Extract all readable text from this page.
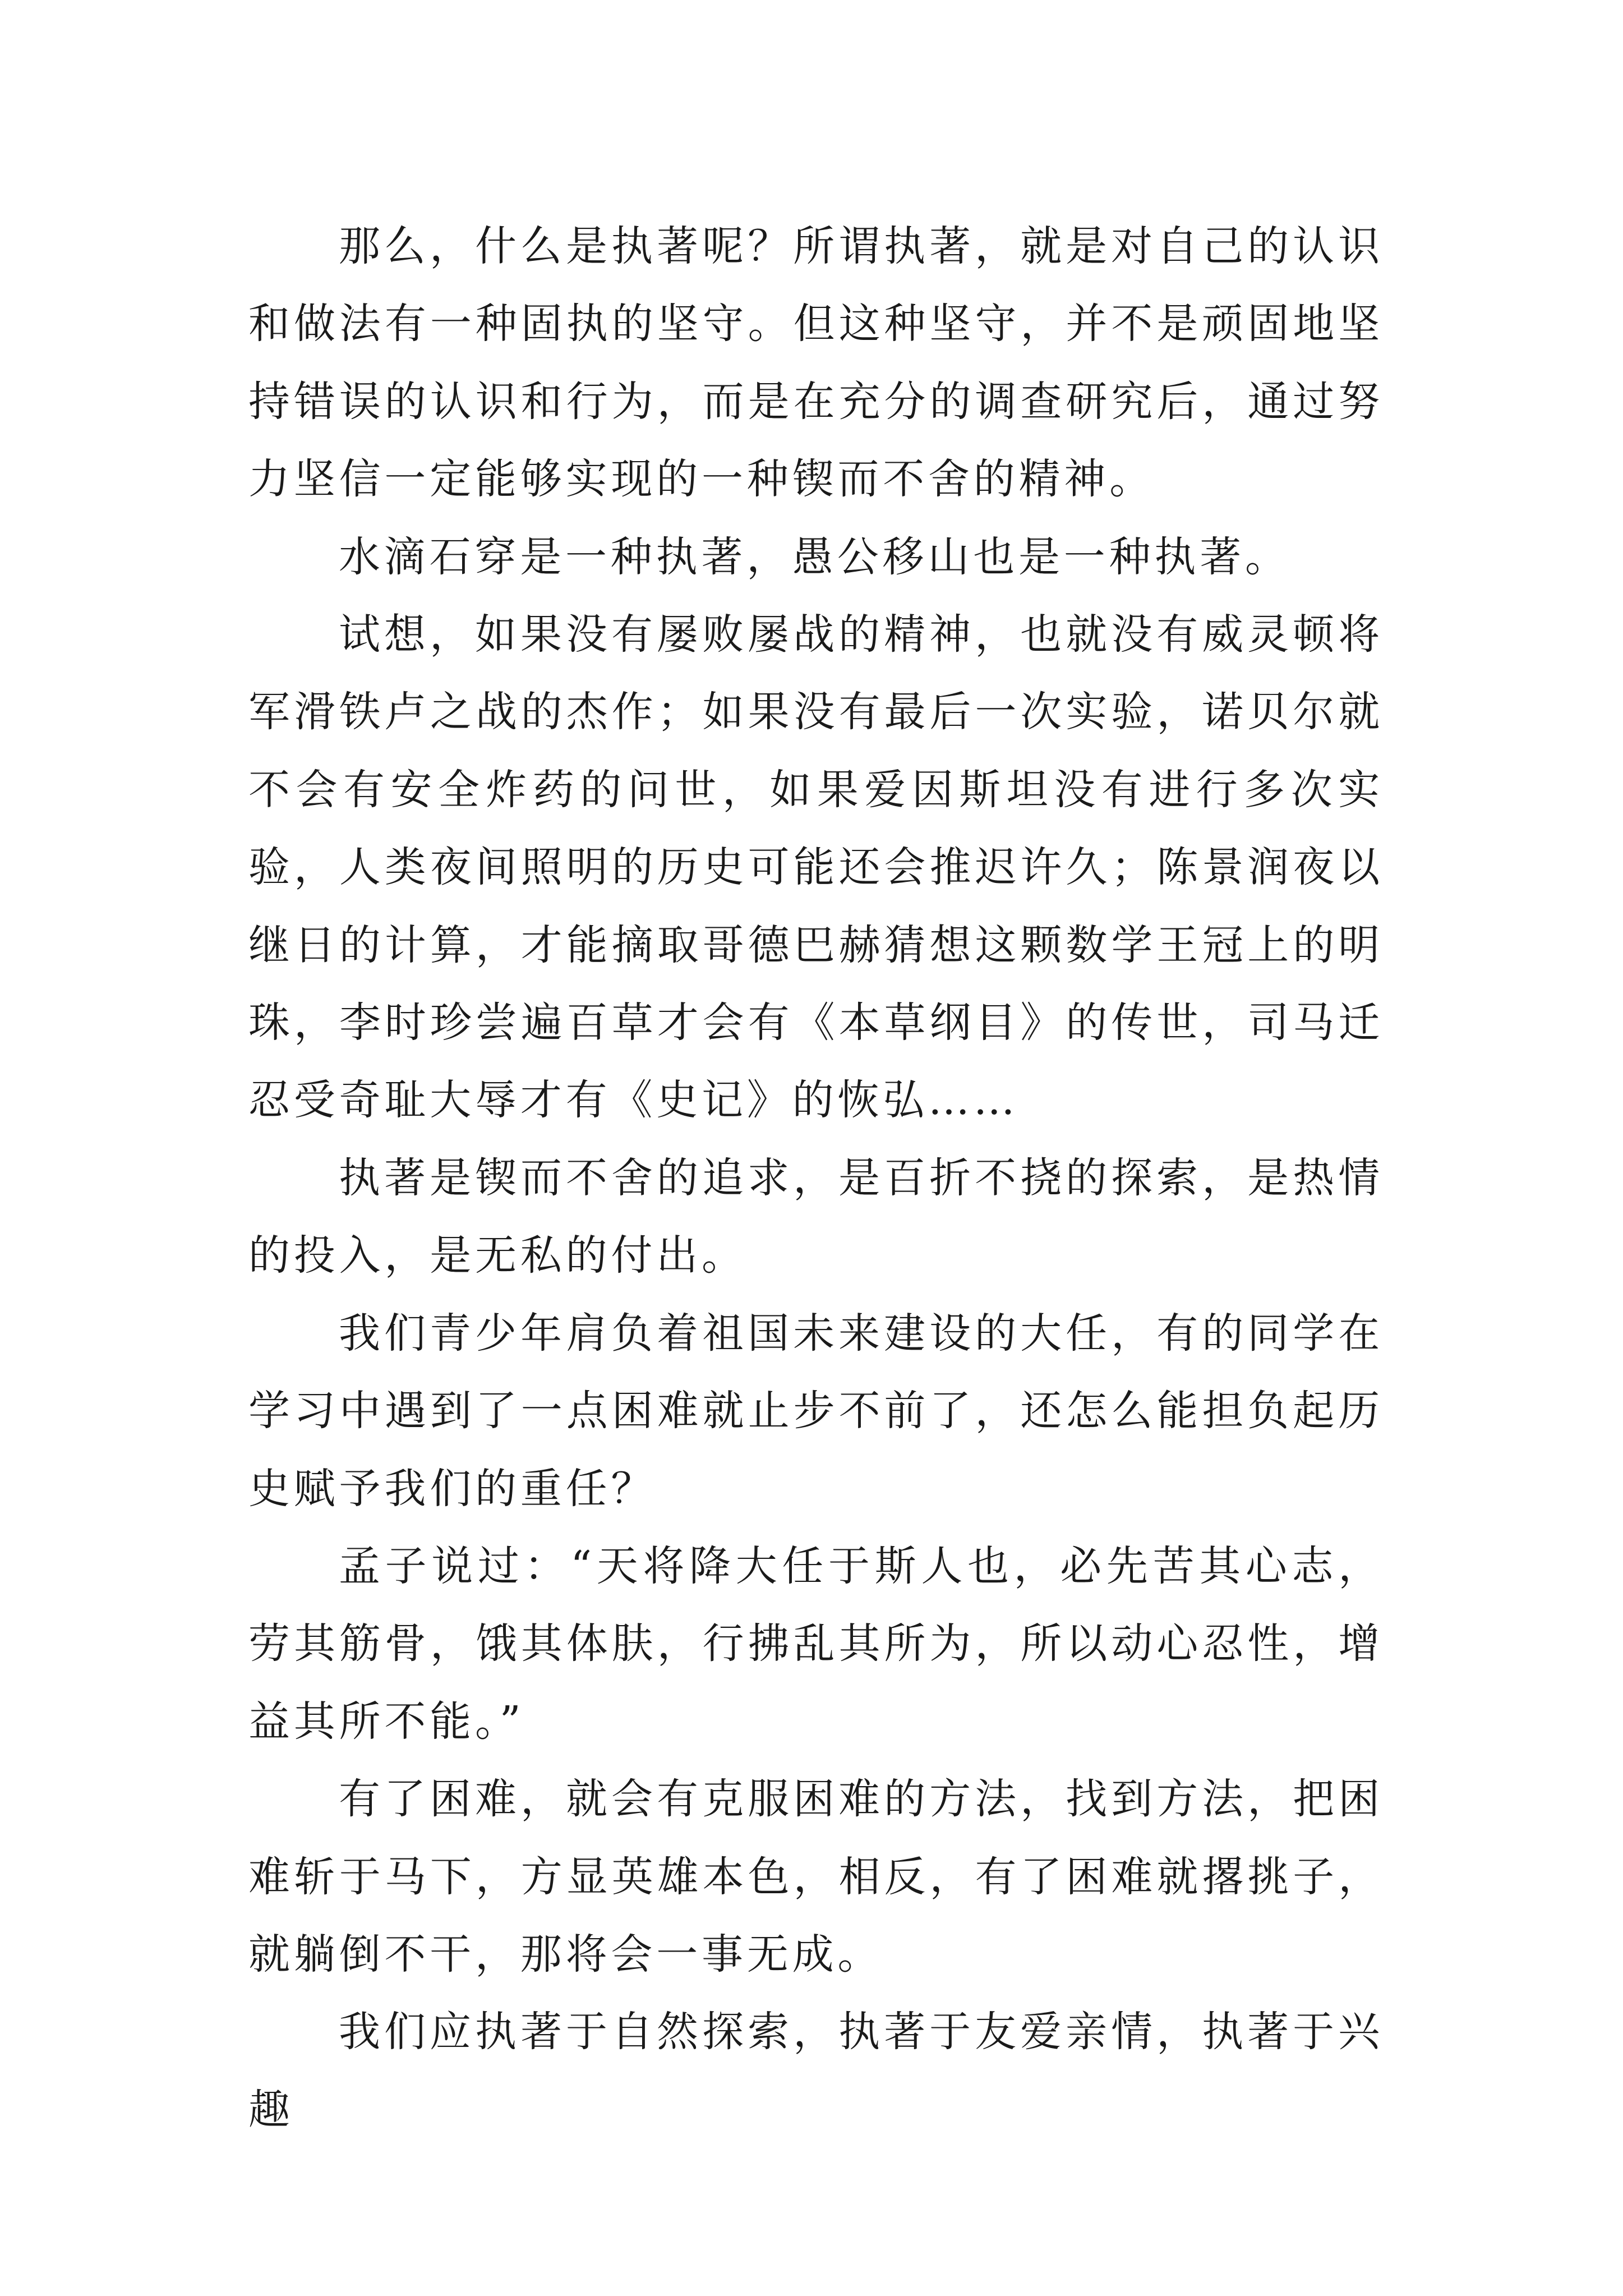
那么，什么是执著呢？所谓执著，就是对自己的认识和做法有一种固执的坚守。但这种坚守，并不是顽固地坚持错误的认识和行为，而是在充分的调查研究后，通过努力坚信一定能够实现的一种锲而不舍的精神。

水滴石穿是一种执著，愚公移山也是一种执著。

试想，如果没有屡败屡战的精神，也就没有威灵顿将军滑铁卢之战的杰作；如果没有最后一次实验，诺贝尔就不会有安全炸药的问世，如果爱因斯坦没有进行多次实验，人类夜间照明的历史可能还会推迟许久；陈景润夜以继日的计算，才能摘取哥德巴赫猜想这颗数学王冠上的明珠，李时珍尝遍百草才会有《本草纲目》的传世，司马迁忍受奇耻大辱才有《史记》的恢弘……

执著是锲而不舍的追求，是百折不挠的探索，是热情的投入，是无私的付出。

我们青少年肩负着祖国未来建设的大任，有的同学在学习中遇到了一点困难就止步不前了，还怎么能担负起历史赋予我们的重任？

孟子说过：“天将降大任于斯人也，必先苦其心志，劳其筋骨，饿其体肤，行拂乱其所为，所以动心忍性，增益其所不能。”

有了困难，就会有克服困难的方法，找到方法，把困难斩于马下，方显英雄本色，相反，有了困难就撂挑子，就躺倒不干，那将会一事无成。

我们应执著于自然探索，执著于友爱亲情，执著于兴趣
